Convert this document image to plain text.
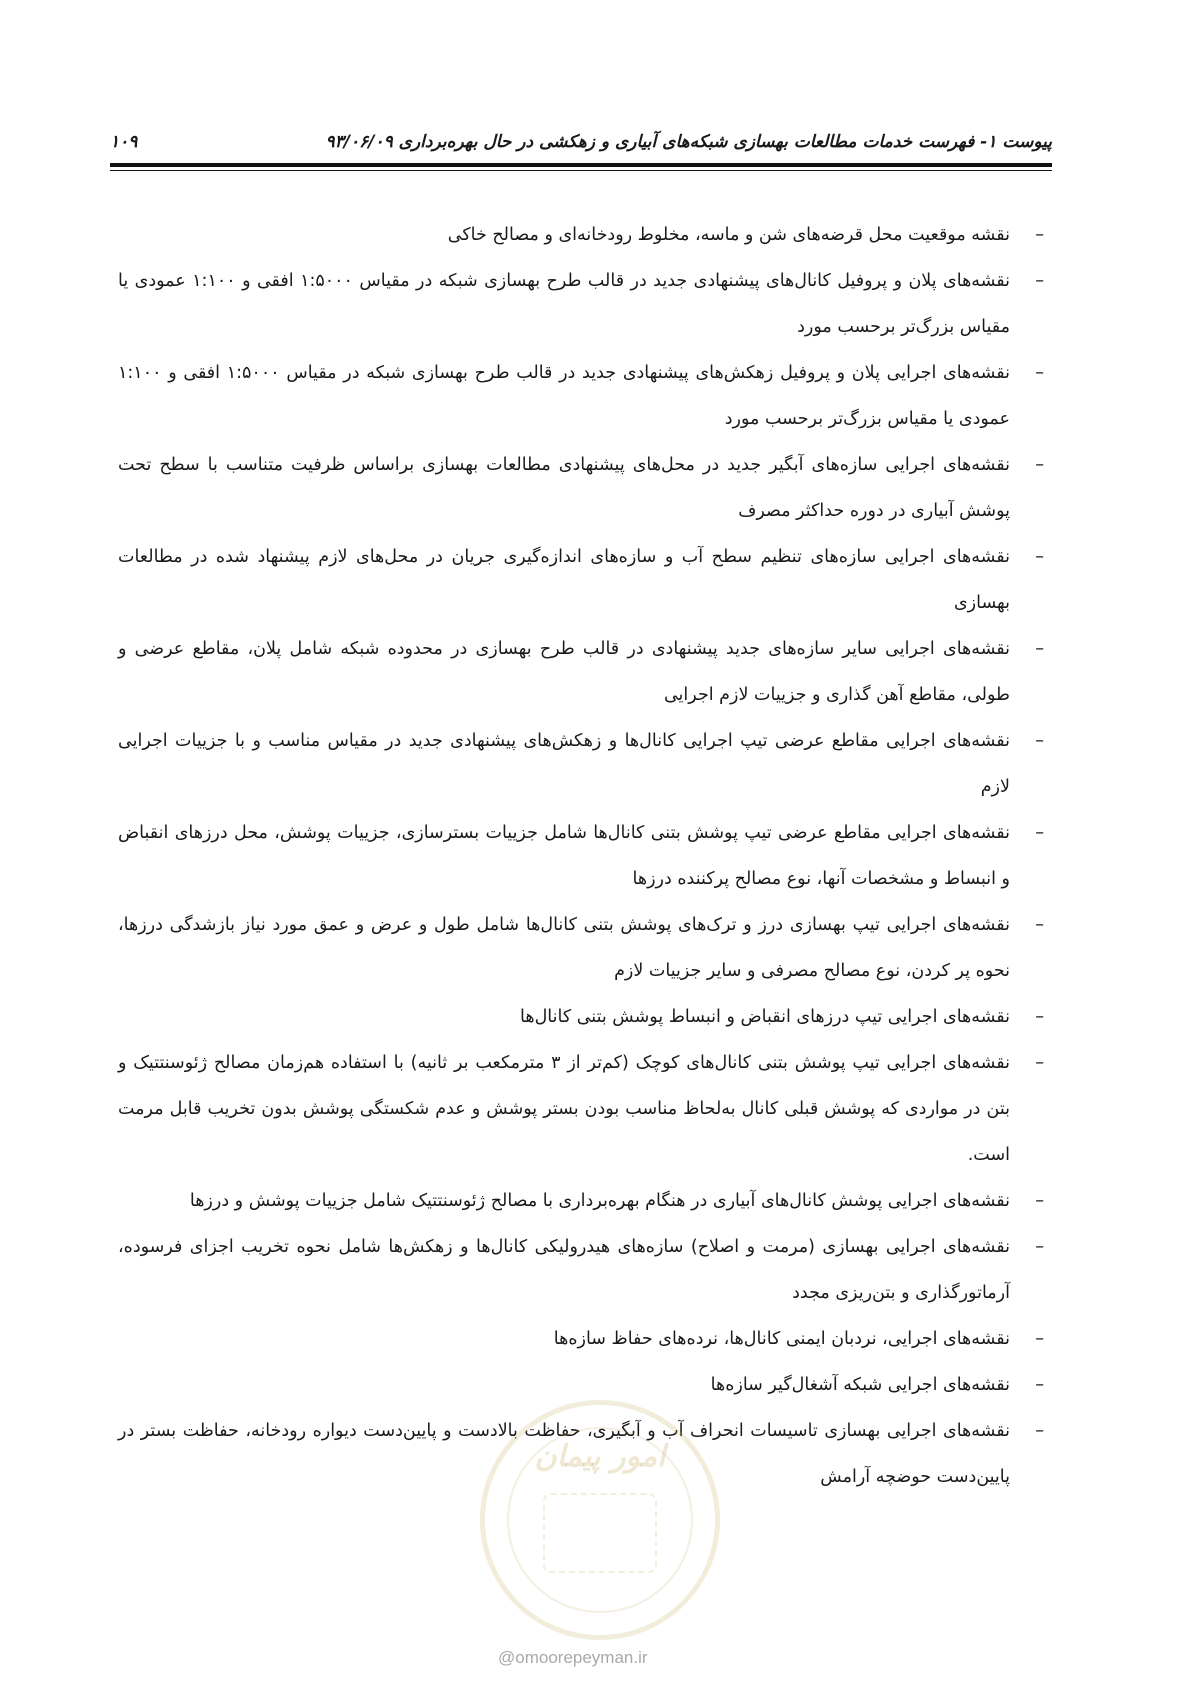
پیوست ۱- فهرست خدمات مطالعات بهسازی شبکه‌های آبیاری و زهکشی در حال بهره‌برداری ۹۳/۰۶/۰۹
۱۰۹
–
نقشه موقعیت محل قرضه‌های شن و ماسه، مخلوط رودخانه‌ای و مصالح خاکی
–
نقشه‌های پلان و پروفیل کانال‌های پیشنهادی جدید در قالب طرح بهسازی شبکه در مقیاس ۱:۵۰۰۰ افقی و ۱:۱۰۰ عمودی یا مقیاس بزرگ‌تر برحسب مورد
–
نقشه‌های اجرایی پلان و پروفیل زهکش‌های پیشنهادی جدید در قالب طرح بهسازی شبکه در مقیاس ۱:۵۰۰۰ افقی و ۱:۱۰۰ عمودی یا مقیاس بزرگ‌تر برحسب مورد
–
نقشه‌های اجرایی سازه‌های آبگیر جدید در محل‌های پیشنهادی مطالعات بهسازی براساس ظرفیت متناسب با سطح تحت پوشش آبیاری در دوره حداکثر مصرف
–
نقشه‌های اجرایی سازه‌های تنظیم سطح آب و سازه‌های اندازه‌گیری جریان در محل‌های لازم پیشنهاد شده در مطالعات بهسازی
–
نقشه‌های اجرایی سایر سازه‌های جدید پیشنهادی در قالب طرح بهسازی در محدوده شبکه شامل پلان، مقاطع عرضی و طولی، مقاطع آهن گذاری و جزییات لازم اجرایی
–
نقشه‌های اجرایی مقاطع عرضی تیپ اجرایی کانال‌ها و زهکش‌های پیشنهادی جدید در مقیاس مناسب و با جزییات اجرایی لازم
–
نقشه‌های اجرایی مقاطع عرضی تیپ پوشش بتنی کانال‌ها شامل جزییات بسترسازی، جزییات پوشش، محل درزهای انقباض و انبساط و مشخصات آنها، نوع مصالح پرکننده درزها
–
نقشه‌های اجرایی تیپ بهسازی درز و ترک‌های پوشش بتنی کانال‌ها شامل طول و عرض و عمق مورد نیاز بازشدگی درزها، نحوه پر کردن، نوع مصالح مصرفی و سایر جزییات لازم
–
نقشه‌های اجرایی تیپ درزهای انقباض و انبساط پوشش بتنی کانال‌ها
–
نقشه‌های اجرایی تیپ پوشش بتنی کانال‌های کوچک (کم‌تر از ۳ مترمکعب بر ثانیه) با استفاده هم‌زمان مصالح ژئوسنتتیک و بتن در مواردی که پوشش قبلی کانال به‌لحاظ مناسب بودن بستر پوشش و عدم شکستگی پوشش بدون تخریب قابل مرمت است.
–
نقشه‌های اجرایی پوشش کانال‌های آبیاری در هنگام بهره‌برداری با مصالح ژئوسنتتیک شامل جزییات پوشش و درزها
–
نقشه‌های اجرایی بهسازی (مرمت و اصلاح) سازه‌های هیدرولیکی کانال‌ها و زهکش‌ها شامل نحوه تخریب اجزای فرسوده، آرماتورگذاری و بتن‌ریزی مجدد
–
نقشه‌های اجرایی، نردبان ایمنی کانال‌ها، نرده‌های حفاظ سازه‌ها
–
نقشه‌های اجرایی شبکه آشغال‌گیر سازه‌ها
–
نقشه‌های اجرایی بهسازی تاسیسات انحراف آب و آبگیری، حفاظت بالادست و پایین‌دست دیواره رودخانه، حفاظت بستر در پایین‌دست حوضچه آرامش
امور پیمان
@omoorepeyman.ir
